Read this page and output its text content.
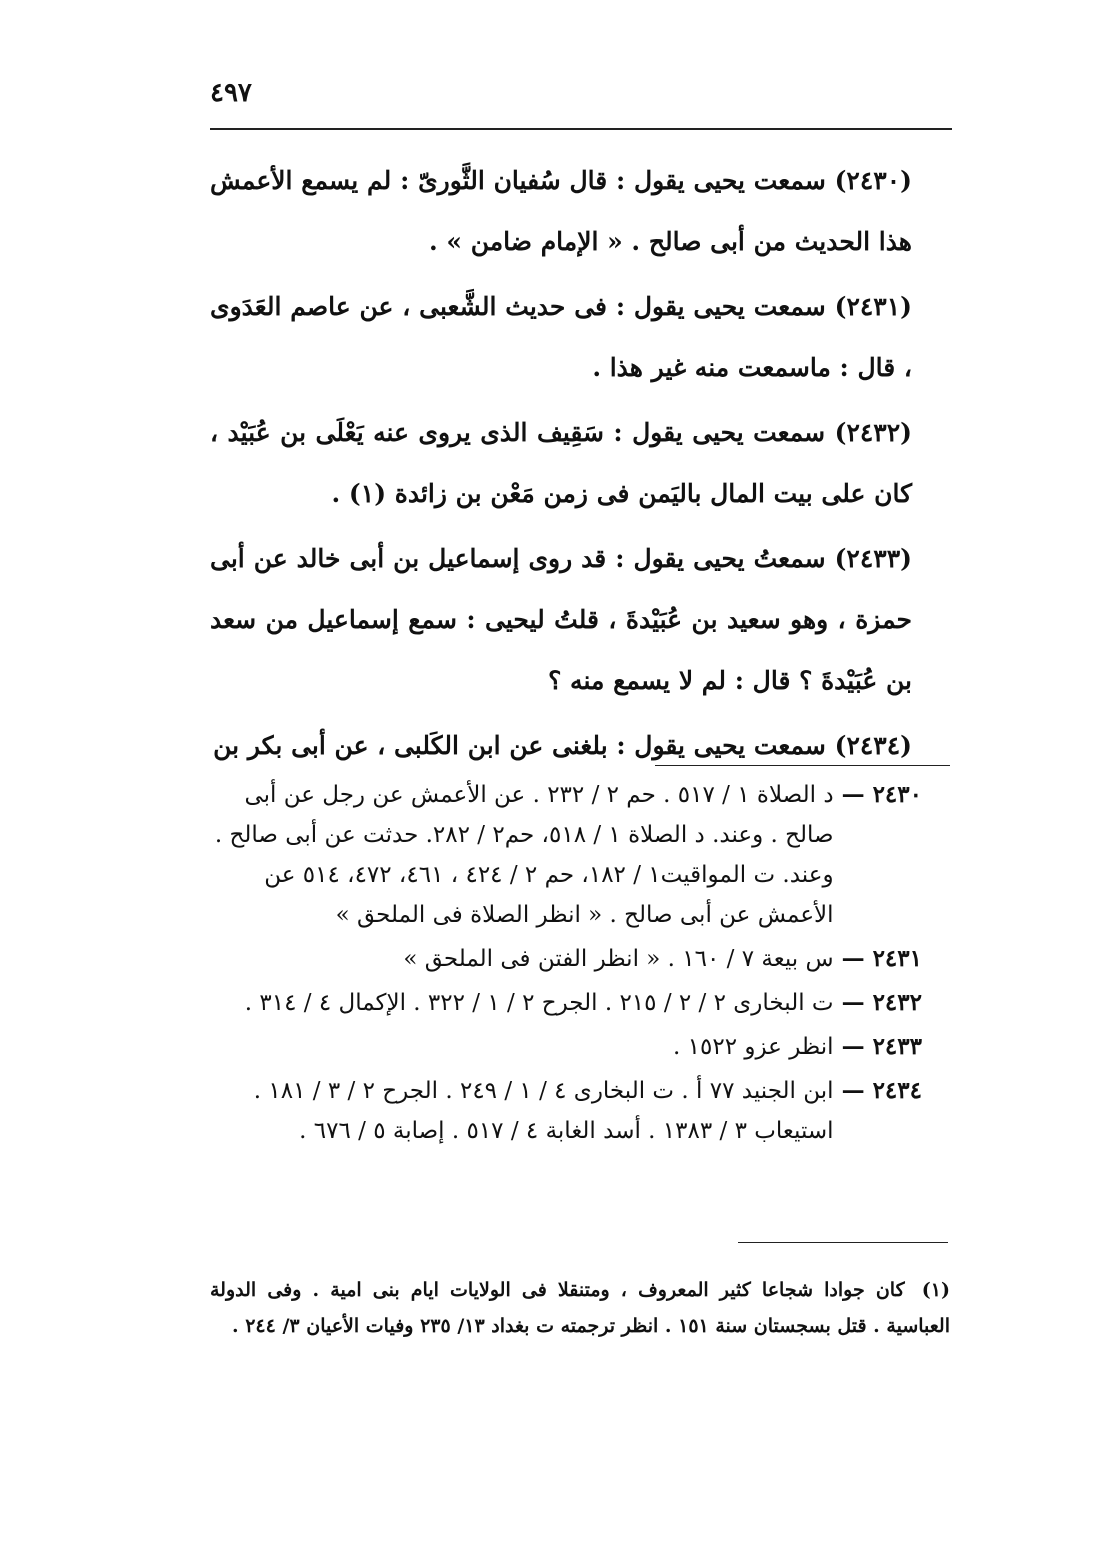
٤٩٧

(٢٤٣٠) سمعت يحيى يقول : قال سُفيان الثَّورىّ : لم يسمع الأعمش هذا الحديث من أبى صالح . « الإمام ضامن » .

(٢٤٣١) سمعت يحيى يقول : فى حديث الشَّعبى ، عن عاصم العَدَوى ، قال : ماسمعت منه غير هذا .

(٢٤٣٢) سمعت يحيى يقول : سَقِيف الذى يروى عنه يَعْلَى بن عُبَيْد ، كان على بيت المال باليَمن فى زمن مَعْن بن زائدة (١) .

(٢٤٣٣) سمعتُ يحيى يقول : قد روى إسماعيل بن أبى خالد عن أبى حمزة ، وهو سعيد بن عُبَيْدةَ ، قلتُ ليحيى : سمع إسماعيل من سعد بن عُبَيْدةَ ؟ قال : لم لا يسمع منه ؟

(٢٤٣٤) سمعت يحيى يقول : بلغنى عن ابن الكَلبى ، عن أبى بكر بن

٢٤٣٠ —
د الصلاة ١ / ٥١٧ . حم ٢ / ٢٣٢ . عن الأعمش عن رجل عن أبى صالح . وعند. د الصلاة ١ / ٥١٨، حم٢ / ٢٨٢. حدثت عن أبى صالح . وعند. ت المواقيت١ / ١٨٢، حم ٢ / ٤٢٤ ، ٤٦١، ٤٧٢، ٥١٤ عن الأعمش عن أبى صالح . « انظر الصلاة فى الملحق »
٢٤٣١ —
س بيعة ٧ / ١٦٠ . « انظر الفتن فى الملحق »
٢٤٣٢ —
ت البخارى ٢ / ٢ / ٢١٥ . الجرح ٢ / ١ / ٣٢٢ . الإكمال ٤ / ٣١٤ .
٢٤٣٣ —
انظر عزو ١٥٢٢ .
٢٤٣٤ —
ابن الجنيد ٧٧ أ . ت البخارى ٤ / ١ / ٢٤٩ . الجرح ٢ / ٣ / ١٨١ . استيعاب ٣ / ١٣٨٣ . أسد الغابة ٤ / ٥١٧ . إصابة ٥ / ٦٧٦ .
(١) كان جوادا شجاعا كثير المعروف ، ومتنقلا فى الولايات ايام بنى امية . وفى الدولة العباسية . قتل بسجستان سنة ١٥١ . انظر ترجمته ت بغداد ١٣/ ٢٣٥ وفيات الأعيان ٣/ ٢٤٤ .
